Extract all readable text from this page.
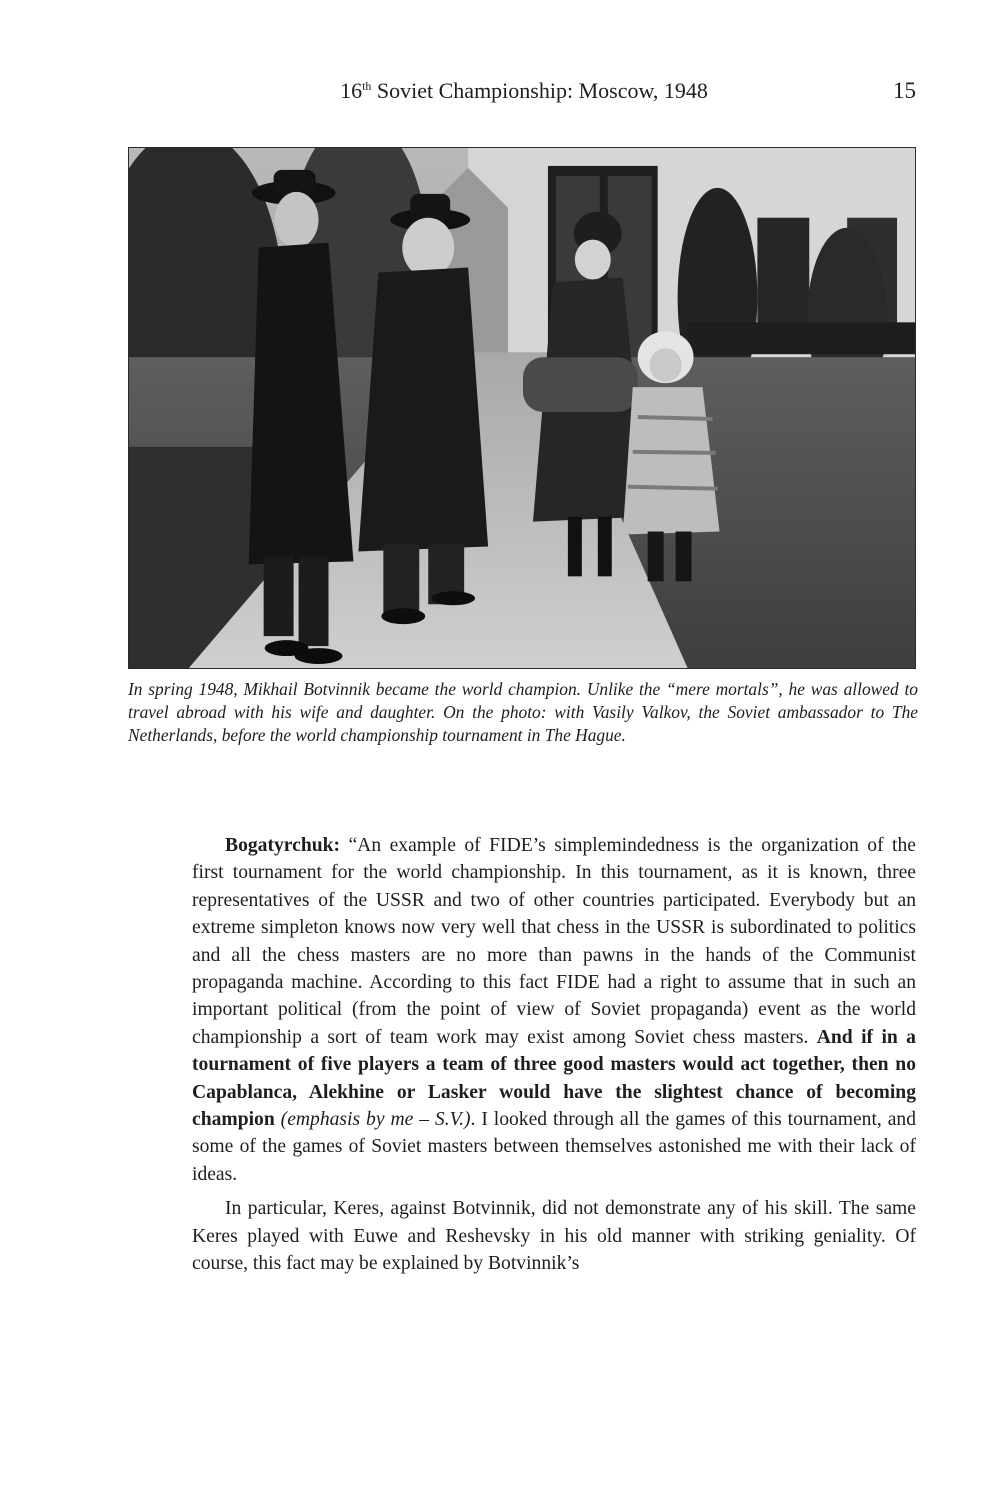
16th Soviet Championship: Moscow, 1948	15

In spring 1948, Mikhail Botvinnik became the world champion. Unlike the “mere mortals”, he was allowed to travel abroad with his wife and daughter. On the photo: with Vasily Valkov, the Soviet ambassador to The Netherlands, before the world championship tournament in The Hague.

Bogatyrchuk: “An example of FIDE’s simplemindedness is the organization of the first tournament for the world championship. In this tournament, as it is known, three representatives of the USSR and two of other countries participated. Everybody but an extreme simpleton knows now very well that chess in the USSR is subordinated to politics and all the chess masters are no more than pawns in the hands of the Communist propaganda machine. According to this fact FIDE had a right to assume that in such an important political (from the point of view of Soviet propaganda) event as the world championship a sort of team work may exist among Soviet chess masters. And if in a tournament of five players a team of three good masters would act together, then no Capablanca, Alekhine or Lasker would have the slightest chance of becoming champion (emphasis by me – S.V.). I looked through all the games of this tournament, and some of the games of Soviet masters between themselves astonished me with their lack of ideas.

In particular, Keres, against Botvinnik, did not demonstrate any of his skill. The same Keres played with Euwe and Reshevsky in his old manner with striking geniality. Of course, this fact may be explained by Botvinnik’s
